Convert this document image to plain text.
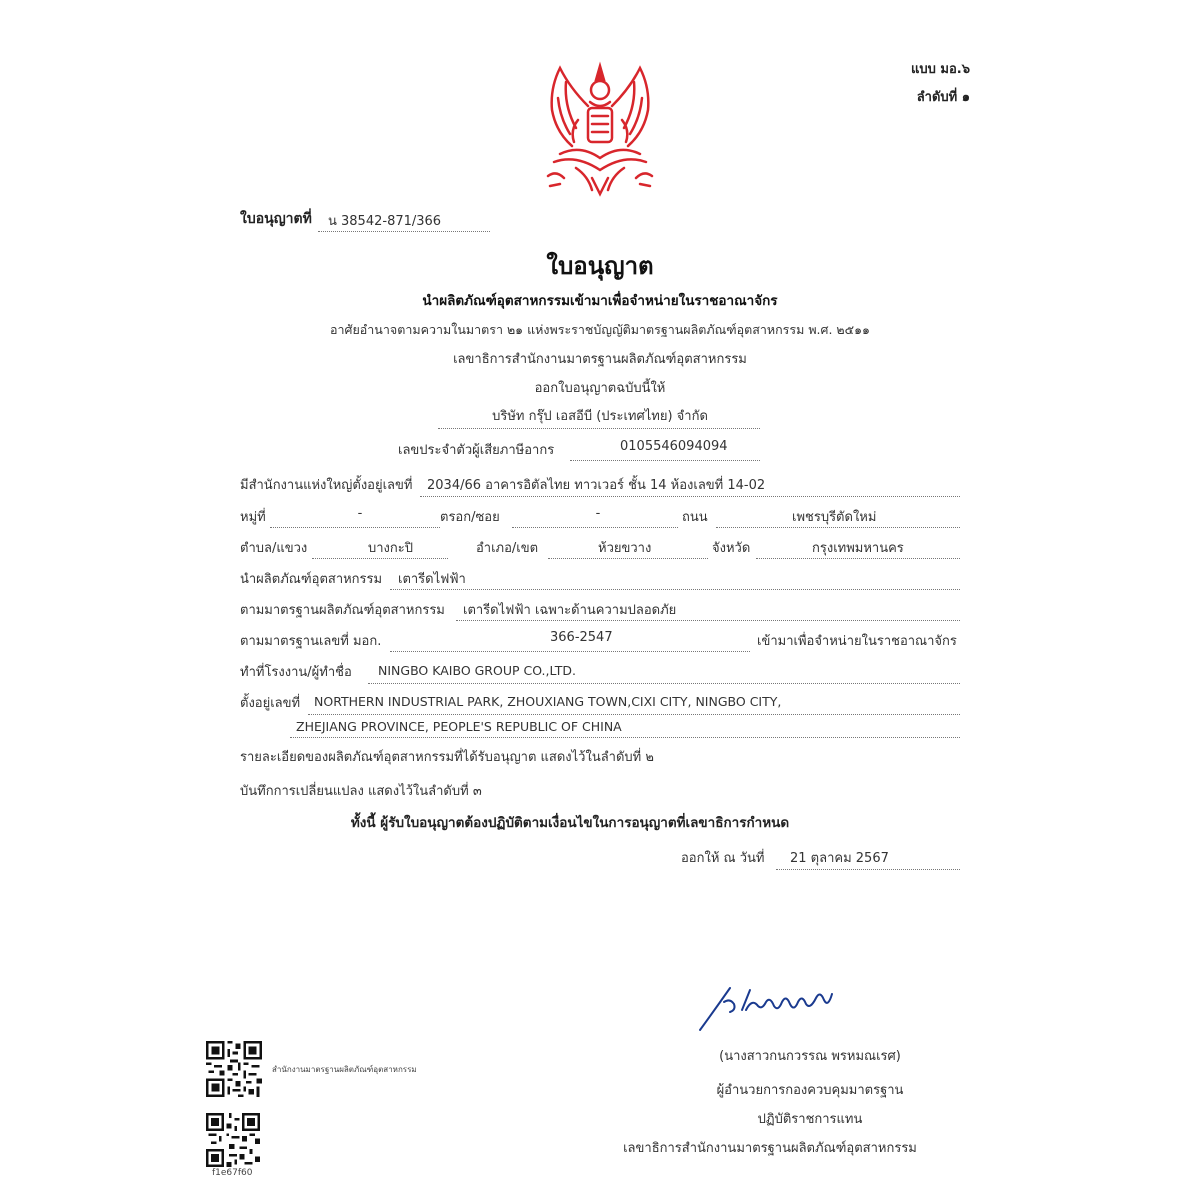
แบบ มอ.๖
ลำดับที่ ๑
ใบอนุญาตที่ น 38542-871/366
ใบอนุญาต
นำผลิตภัณฑ์อุตสาหกรรมเข้ามาเพื่อจำหน่ายในราชอาณาจักร
อาศัยอำนาจตามความในมาตรา ๒๑ แห่งพระราชบัญญัติมาตรฐานผลิตภัณฑ์อุตสาหกรรม พ.ศ. ๒๕๑๑
เลขาธิการสำนักงานมาตรฐานผลิตภัณฑ์อุตสาหกรรม
ออกใบอนุญาตฉบับนี้ให้
บริษัท กรุ๊ป เอสอีบี (ประเทศไทย) จำกัด
เลขประจำตัวผู้เสียภาษีอากร	0105546094094
มีสำนักงานแห่งใหญ่ตั้งอยู่เลขที่ 2034/66 อาคารอิตัลไทย ทาวเวอร์ ชั้น 14 ห้องเลขที่ 14-02
หมู่ที่	-	ตรอก/ซอย	-	ถนน	เพชรบุรีตัดใหม่
ตำบล/แขวง	บางกะปิ	อำเภอ/เขต	ห้วยขวาง	จังหวัด	กรุงเทพมหานคร
นำผลิตภัณฑ์อุตสาหกรรม เตารีดไฟฟ้า
ตามมาตรฐานผลิตภัณฑ์อุตสาหกรรม เตารีดไฟฟ้า เฉพาะด้านความปลอดภัย
ตามมาตรฐานเลขที่ มอก.	366-2547	เข้ามาเพื่อจำหน่ายในราชอาณาจักร
ทำที่โรงงาน/ผู้ทำชื่อ NINGBO KAIBO GROUP CO.,LTD.
ตั้งอยู่เลขที่ NORTHERN INDUSTRIAL PARK, ZHOUXIANG TOWN,CIXI CITY, NINGBO CITY,
ZHEJIANG PROVINCE, PEOPLE'S REPUBLIC OF CHINA
รายละเอียดของผลิตภัณฑ์อุตสาหกรรมที่ได้รับอนุญาต แสดงไว้ในลำดับที่ ๒
บันทึกการเปลี่ยนแปลง แสดงไว้ในลำดับที่ ๓
ทั้งนี้ ผู้รับใบอนุญาตต้องปฏิบัติตามเงื่อนไขในการอนุญาตที่เลขาธิการกำหนด
ออกให้ ณ วันที่ 21 ตุลาคม 2567
(นางสาวกนกวรรณ พรหมณเรศ)
ผู้อำนวยการกองควบคุมมาตรฐาน
ปฏิบัติราชการแทน
เลขาธิการสำนักงานมาตรฐานผลิตภัณฑ์อุตสาหกรรม
สำนักงานมาตรฐานผลิตภัณฑ์อุตสาหกรรม
f1e67f60
